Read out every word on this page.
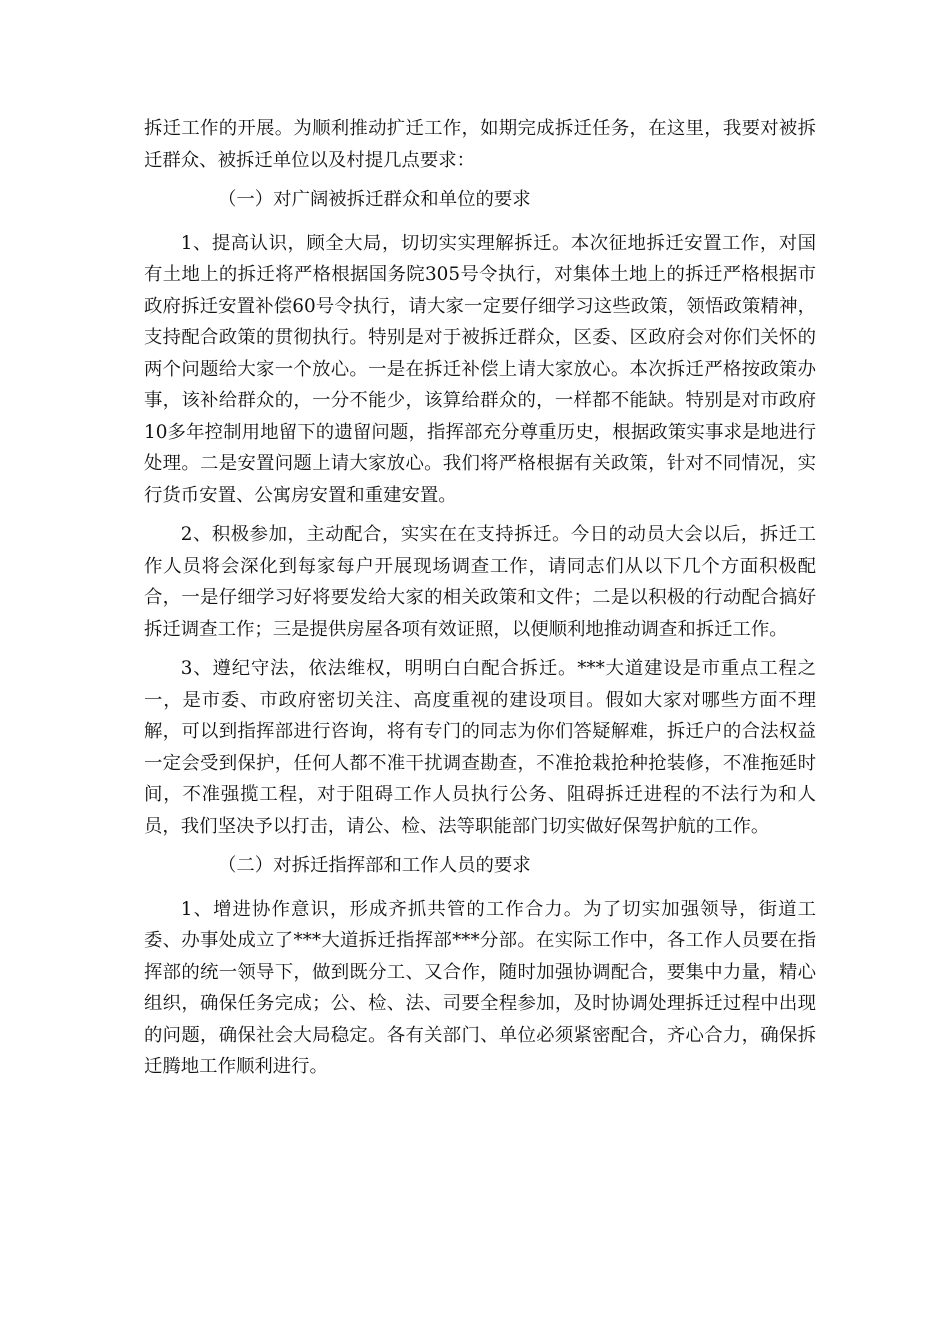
拆迁工作的开展。为顺利推动扩迁工作，如期完成拆迁任务，在这里，我要对被拆迁群众、被拆迁单位以及村提几点要求：

（一）对广阔被拆迁群众和单位的要求

1、提高认识，顾全大局，切切实实理解拆迁。本次征地拆迁安置工作，对国有土地上的拆迁将严格根据国务院305号令执行，对集体土地上的拆迁严格根据市政府拆迁安置补偿60号令执行，请大家一定要仔细学习这些政策，领悟政策精神，支持配合政策的贯彻执行。特别是对于被拆迁群众，区委、区政府会对你们关怀的两个问题给大家一个放心。一是在拆迁补偿上请大家放心。本次拆迁严格按政策办事，该补给群众的，一分不能少，该算给群众的，一样都不能缺。特别是对市政府10多年控制用地留下的遗留问题，指挥部充分尊重历史，根据政策实事求是地进行处理。二是安置问题上请大家放心。我们将严格根据有关政策，针对不同情况，实行货币安置、公寓房安置和重建安置。

2、积极参加，主动配合，实实在在支持拆迁。今日的动员大会以后，拆迁工作人员将会深化到每家每户开展现场调查工作，请同志们从以下几个方面积极配合，一是仔细学习好将要发给大家的相关政策和文件；二是以积极的行动配合搞好拆迁调查工作；三是提供房屋各项有效证照，以便顺利地推动调查和拆迁工作。

3、遵纪守法，依法维权，明明白白配合拆迁。***大道建设是市重点工程之一，是市委、市政府密切关注、高度重视的建设项目。假如大家对哪些方面不理解，可以到指挥部进行咨询，将有专门的同志为你们答疑解难，拆迁户的合法权益一定会受到保护，任何人都不准干扰调查勘查，不准抢栽抢种抢装修，不准拖延时间，不准强揽工程，对于阻碍工作人员执行公务、阻碍拆迁进程的不法行为和人员，我们坚决予以打击，请公、检、法等职能部门切实做好保驾护航的工作。

（二）对拆迁指挥部和工作人员的要求

1、增进协作意识，形成齐抓共管的工作合力。为了切实加强领导，街道工委、办事处成立了***大道拆迁指挥部***分部。在实际工作中，各工作人员要在指挥部的统一领导下，做到既分工、又合作，随时加强协调配合，要集中力量，精心组织，确保任务完成；公、检、法、司要全程参加，及时协调处理拆迁过程中出现的问题，确保社会大局稳定。各有关部门、单位必须紧密配合，齐心合力，确保拆迁腾地工作顺利进行。
